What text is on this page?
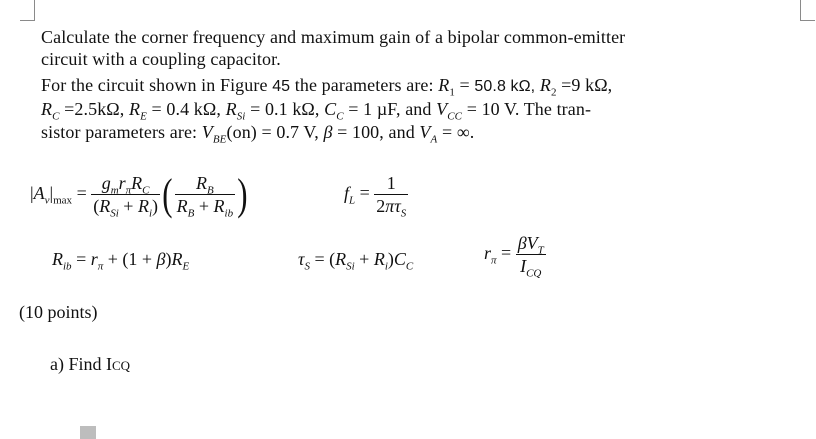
Calculate the corner frequency and maximum gain of a bipolar common-emitter
circuit with a coupling capacitor.
For the circuit shown in Figure 45 the parameters are: $R_1 = 50.8$ kΩ, $R_2 =9$ kΩ,
$R_C =2.5k\Omega$, $R_E = 0.4$ kΩ, $R_{Si} = 0.1$ kΩ, $C_C = 1$ µF, and $V_{CC} = 10$ V. The tran-
sistor parameters are: $V_{BE}(on) = 0.7$ V, β = 100, and $V_A$ = ∞.
$|A_v|_{max} = \frac{g_mr_\pi R_C}{(R_{Si} + R_i)}$ ( $\frac{R_B}{R_B + R_{ib}}$ )	$f_L = \frac{1}{2\pi\tau_S}$
$R_{ib} = r_\pi + (1 + \beta)R_E$	$\tau_S = (R_{Si} + R_i)C_C$
$r_\pi = \frac{\beta V_T}{I_{CQ}}$
(10 points)
a) Find ICQ
